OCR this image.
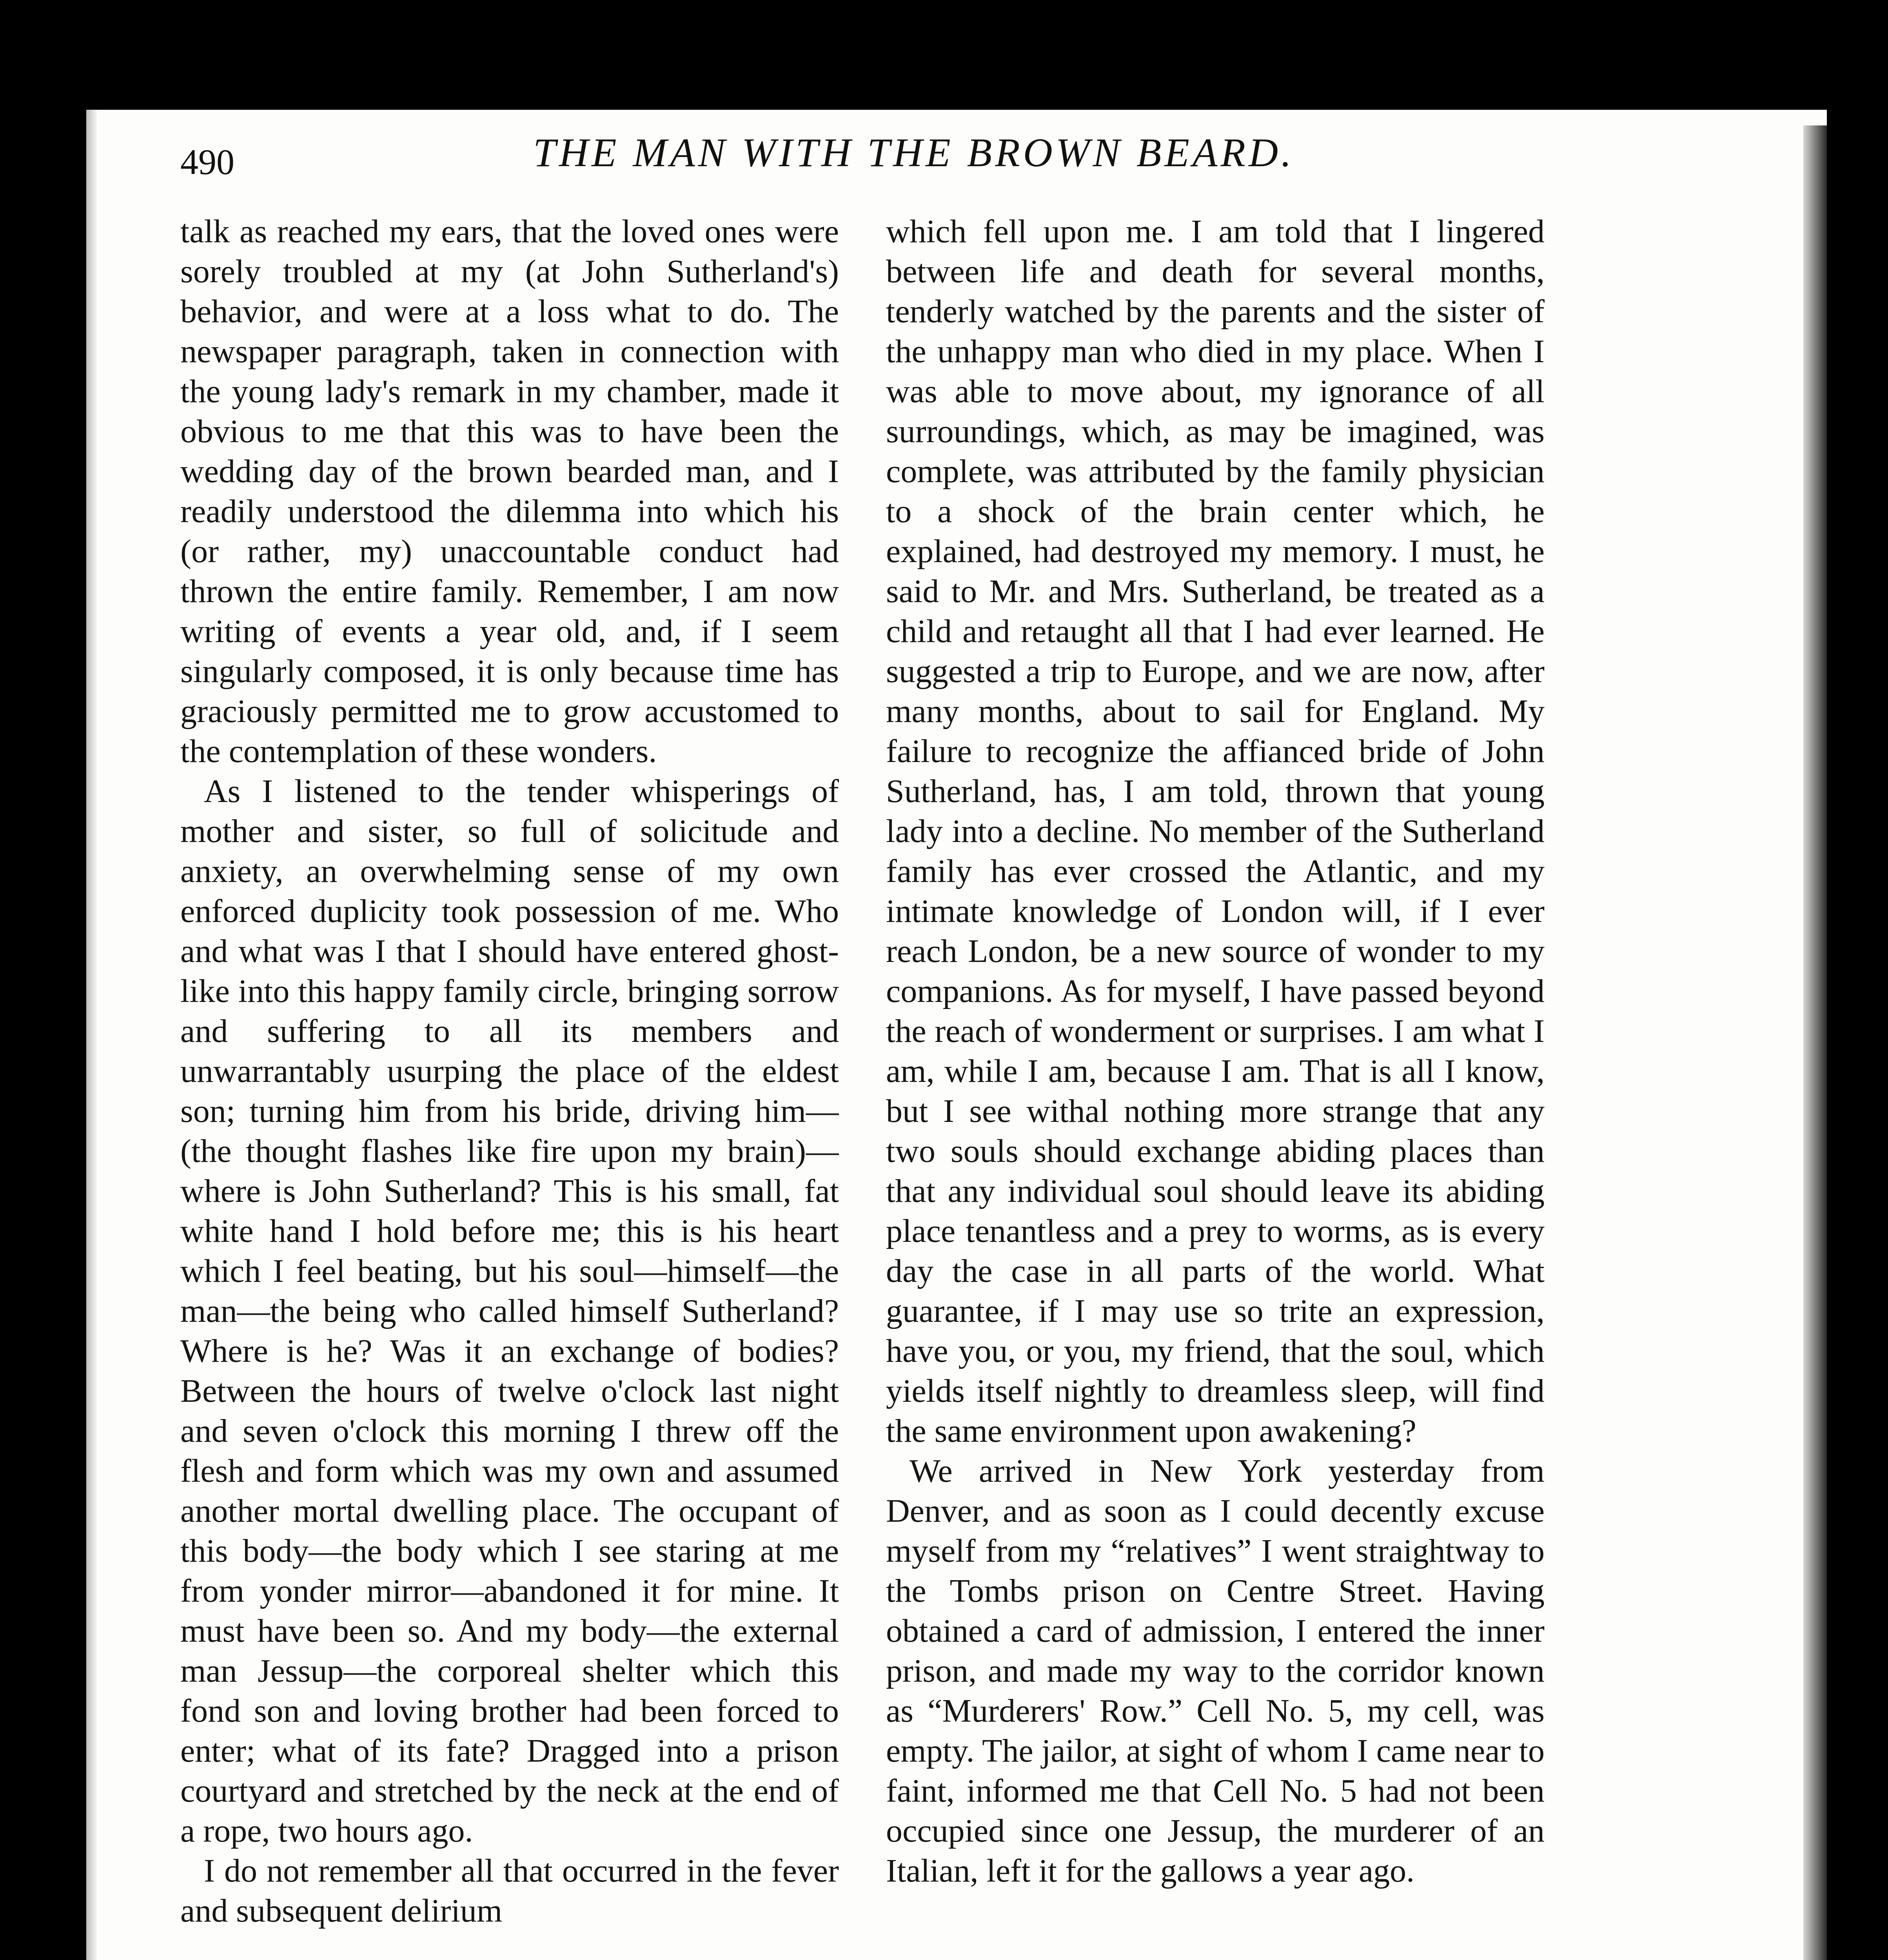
490	THE MAN WITH THE BROWN BEARD.

talk as reached my ears, that the loved ones were sorely troubled at my (at John Sutherland's) behavior, and were at a loss what to do. The newspaper paragraph, taken in connection with the young lady's remark in my chamber, made it obvious to me that this was to have been the wedding day of the brown bearded man, and I readily understood the dilemma into which his (or rather, my) unaccountable conduct had thrown the entire family. Remember, I am now writing of events a year old, and, if I seem singularly composed, it is only because time has graciously permitted me to grow accustomed to the contemplation of these wonders.

As I listened to the tender whisperings of mother and sister, so full of solicitude and anxiety, an overwhelming sense of my own enforced duplicity took possession of me. Who and what was I that I should have entered ghost-like into this happy family circle, bringing sorrow and suffering to all its members and unwarrantably usurping the place of the eldest son; turning him from his bride, driving him—(the thought flashes like fire upon my brain)—where is John Sutherland? This is his small, fat white hand I hold before me; this is his heart which I feel beating, but his soul—himself—the man—the being who called himself Sutherland? Where is he? Was it an exchange of bodies? Between the hours of twelve o'clock last night and seven o'clock this morning I threw off the flesh and form which was my own and assumed another mortal dwelling place. The occupant of this body—the body which I see staring at me from yonder mirror—abandoned it for mine. It must have been so. And my body—the external man Jessup—the corporeal shelter which this fond son and loving brother had been forced to enter; what of its fate? Dragged into a prison courtyard and stretched by the neck at the end of a rope, two hours ago.

I do not remember all that occurred in the fever and subsequent delirium

which fell upon me. I am told that I lingered between life and death for several months, tenderly watched by the parents and the sister of the unhappy man who died in my place. When I was able to move about, my ignorance of all surroundings, which, as may be imagined, was complete, was attributed by the family physician to a shock of the brain center which, he explained, had destroyed my memory. I must, he said to Mr. and Mrs. Sutherland, be treated as a child and retaught all that I had ever learned. He suggested a trip to Europe, and we are now, after many months, about to sail for England. My failure to recognize the affianced bride of John Sutherland, has, I am told, thrown that young lady into a decline. No member of the Sutherland family has ever crossed the Atlantic, and my intimate knowledge of London will, if I ever reach London, be a new source of wonder to my companions. As for myself, I have passed beyond the reach of wonderment or surprises. I am what I am, while I am, because I am. That is all I know, but I see withal nothing more strange that any two souls should exchange abiding places than that any individual soul should leave its abiding place tenantless and a prey to worms, as is every day the case in all parts of the world. What guarantee, if I may use so trite an expression, have you, or you, my friend, that the soul, which yields itself nightly to dreamless sleep, will find the same environment upon awakening?

We arrived in New York yesterday from Denver, and as soon as I could decently excuse myself from my “relatives” I went straightway to the Tombs prison on Centre Street. Having obtained a card of admission, I entered the inner prison, and made my way to the corridor known as “Murderers' Row.” Cell No. 5, my cell, was empty. The jailor, at sight of whom I came near to faint, informed me that Cell No. 5 had not been occupied since one Jessup, the murderer of an Italian, left it for the gallows a year ago.
